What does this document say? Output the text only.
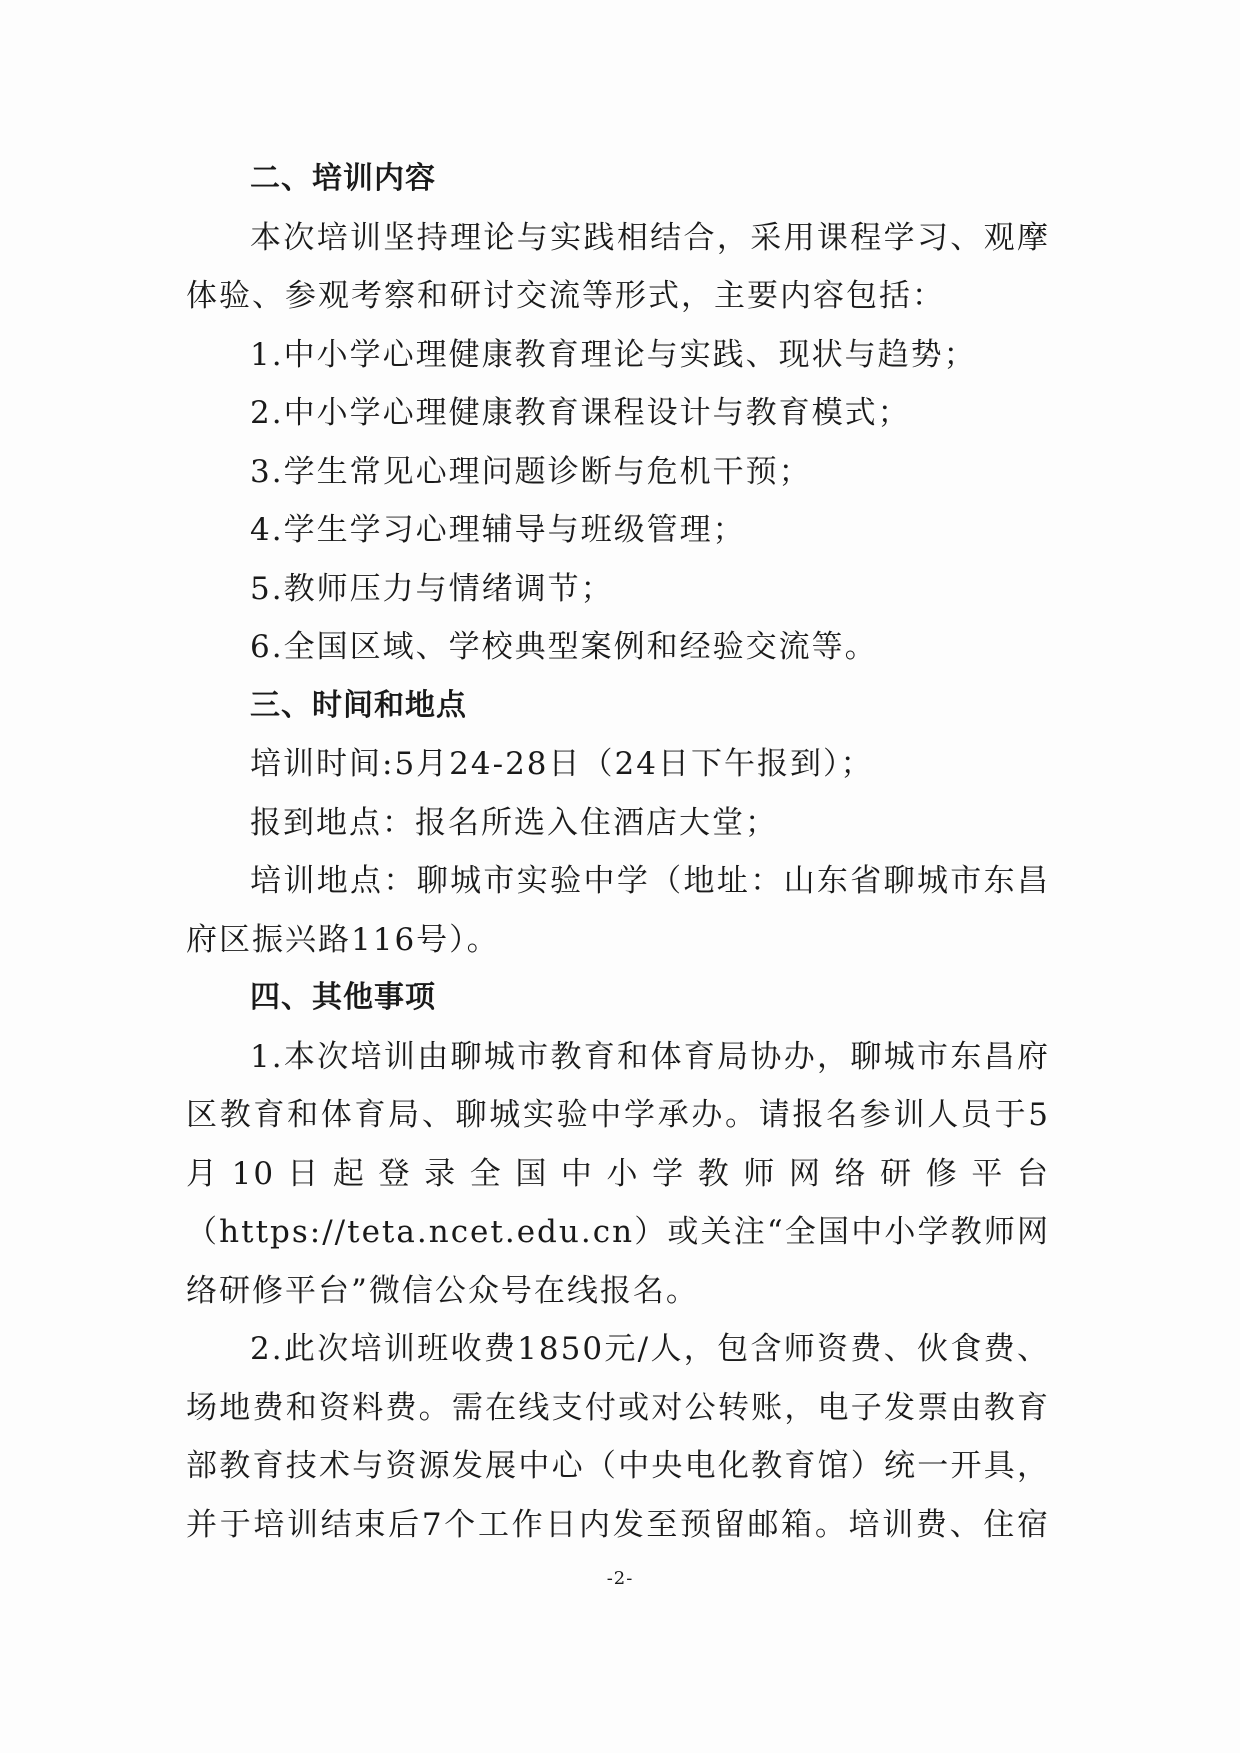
二、培训内容
本次培训坚持理论与实践相结合，采用课程学习、观摩
体验、参观考察和研讨交流等形式，主要内容包括：
1.中小学心理健康教育理论与实践、现状与趋势；
2.中小学心理健康教育课程设计与教育模式；
3.学生常见心理问题诊断与危机干预；
4.学生学习心理辅导与班级管理；
5.教师压力与情绪调节；
6.全国区域、学校典型案例和经验交流等。
三、时间和地点
培训时间:5月24-28日（24日下午报到）；
报到地点：报名所选入住酒店大堂；
培训地点：聊城市实验中学（地址：山东省聊城市东昌
府区振兴路116号）。
四、其他事项
1.本次培训由聊城市教育和体育局协办，聊城市东昌府
区教育和体育局、聊城实验中学承办。请报名参训人员于5
月 10 日 起 登 录 全 国 中 小 学 教 师 网 络 研 修 平 台
（https://teta.ncet.edu.cn）或关注“全国中小学教师网
络研修平台”微信公众号在线报名。
2.此次培训班收费1850元/人，包含师资费、伙食费、
场地费和资料费。需在线支付或对公转账，电子发票由教育
部教育技术与资源发展中心（中央电化教育馆）统一开具，
并于培训结束后7个工作日内发至预留邮箱。培训费、住宿
-2-
